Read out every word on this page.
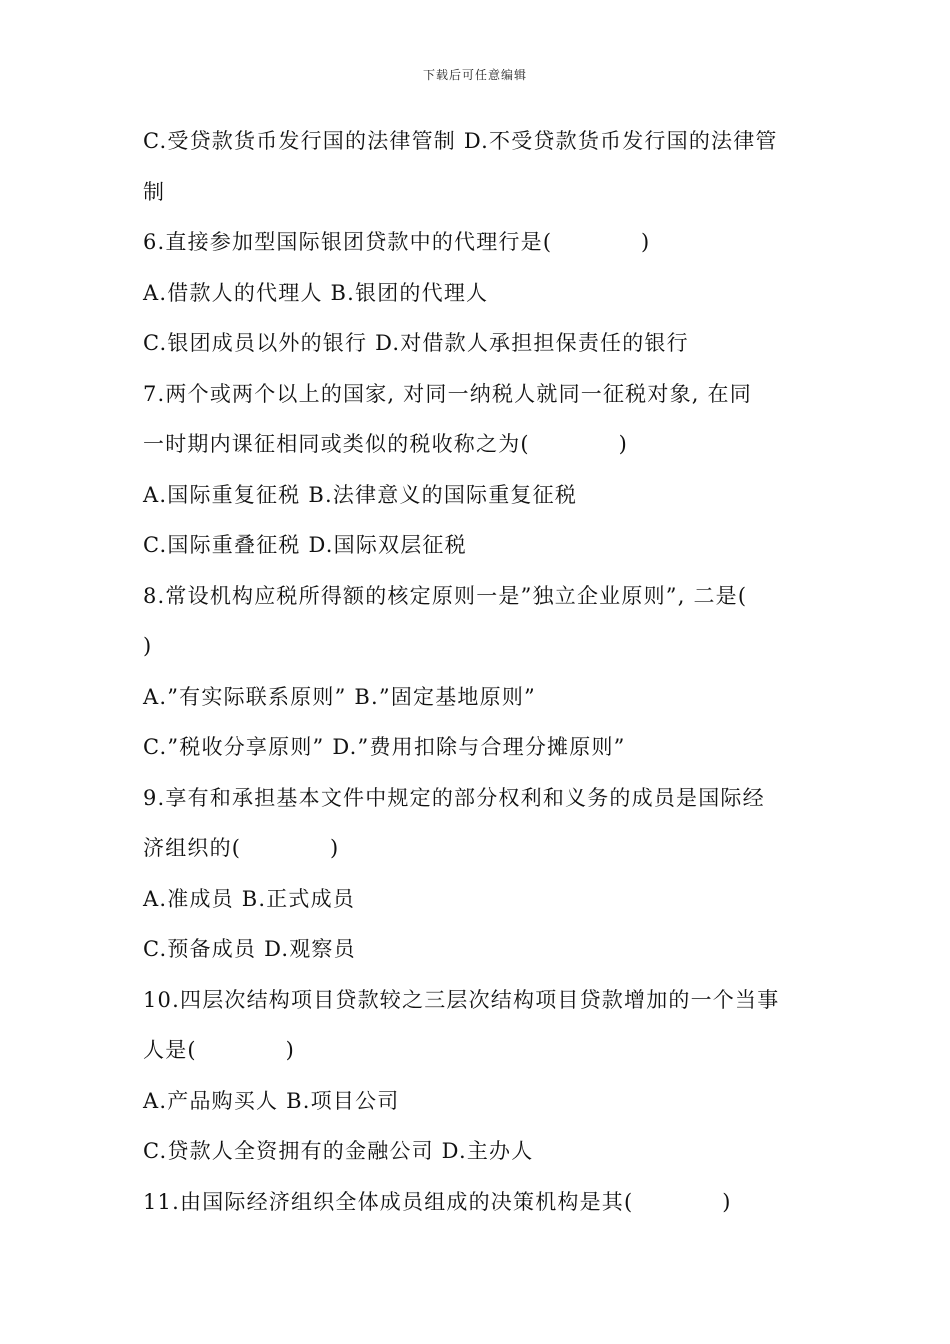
下载后可任意编辑
C.受贷款货币发行国的法律管制 D.不受贷款货币发行国的法律管
制
6.直接参加型国际银团贷款中的代理行是(　　　　)
A.借款人的代理人 B.银团的代理人
C.银团成员以外的银行 D.对借款人承担担保责任的银行
7.两个或两个以上的国家, 对同一纳税人就同一征税对象, 在同
一时期内课征相同或类似的税收称之为(　　　　)
A.国际重复征税 B.法律意义的国际重复征税
C.国际重叠征税 D.国际双层征税
8.常设机构应税所得额的核定原则一是”独立企业原则”, 二是(
)
A.”有实际联系原则” B.”固定基地原则”
C.”税收分享原则” D.”费用扣除与合理分摊原则”
9.享有和承担基本文件中规定的部分权利和义务的成员是国际经
济组织的(　　　　)
A.准成员 B.正式成员
C.预备成员 D.观察员
10.四层次结构项目贷款较之三层次结构项目贷款增加的一个当事
人是(　　　　)
A.产品购买人 B.项目公司
C.贷款人全资拥有的金融公司 D.主办人
11.由国际经济组织全体成员组成的决策机构是其(　　　　)
